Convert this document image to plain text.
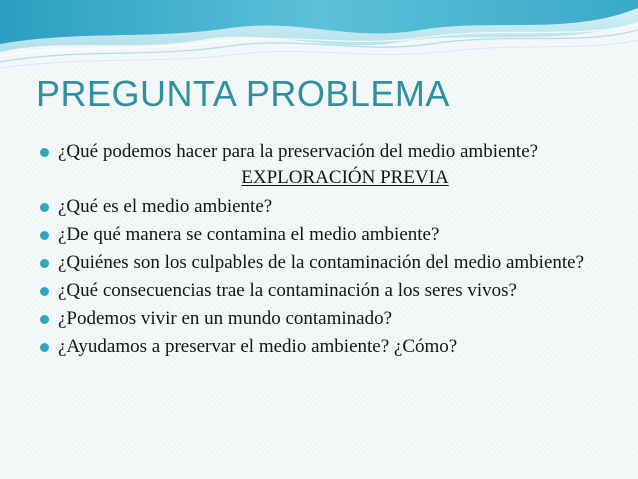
PREGUNTA PROBLEMA
¿Qué podemos hacer para la preservación del medio ambiente?
EXPLORACIÓN PREVIA
¿Qué es el medio ambiente?
¿De qué manera se contamina el medio ambiente?
¿Quiénes son los culpables de la contaminación del medio ambiente?
¿Qué consecuencias trae la contaminación a los seres vivos?
¿Podemos vivir en un mundo contaminado?
¿Ayudamos a preservar el medio ambiente? ¿Cómo?
